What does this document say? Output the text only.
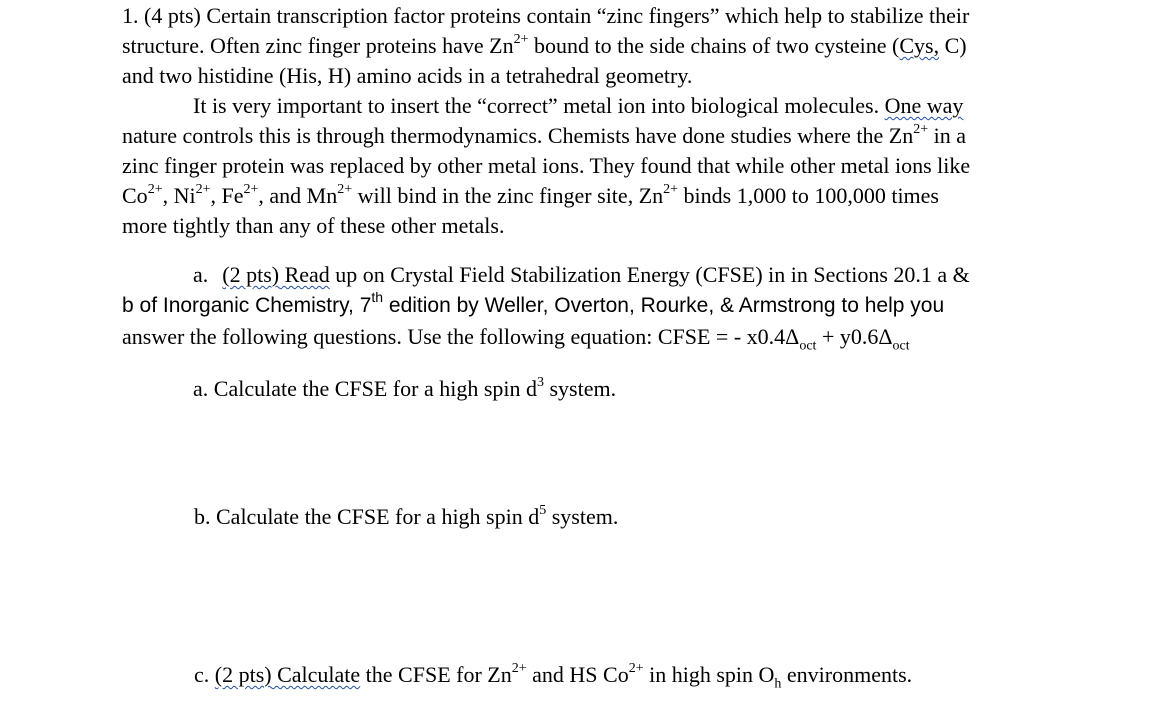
1. (4 pts) Certain transcription factor proteins contain “zinc fingers” which help to stabilize their
structure. Often zinc finger proteins have $Zn^{2+}$ bound to the side chains of two cysteine (Cys, C)
and two histidine (His, H) amino acids in a tetrahedral geometry.
It is very important to insert the “correct” metal ion into biological molecules. One way
nature controls this is through thermodynamics. Chemists have done studies where the $Zn^{2+}$ in a
zinc finger protein was replaced by other metal ions. They found that while other metal ions like
$Co^{2+}$, $Ni^{2+}$, $Fe^{2+}$, and $Mn^{2+}$ will bind in the zinc finger site, $Zn^{2+}$ binds 1,000 to 100,000 times
more tightly than any of these other metals.
a. (2 pts) Read up on Crystal Field Stabilization Energy (CFSE) in in Sections 20.1 a &
b of Inorganic Chemistry, 7th edition by Weller, Overton, Rourke, & Armstrong to help you
answer the following questions. Use the following equation: CFSE = - $x0.4\Delta_{oct} + y0.6\Delta_{oct}$
a. Calculate the CFSE for a high spin $d^3$ system.
b. Calculate the CFSE for a high spin $d^5$ system.
c. (2 pts) Calculate the CFSE for $Zn^{2+}$ and HS $Co^{2+}$ in high spin $O_h$ environments.
